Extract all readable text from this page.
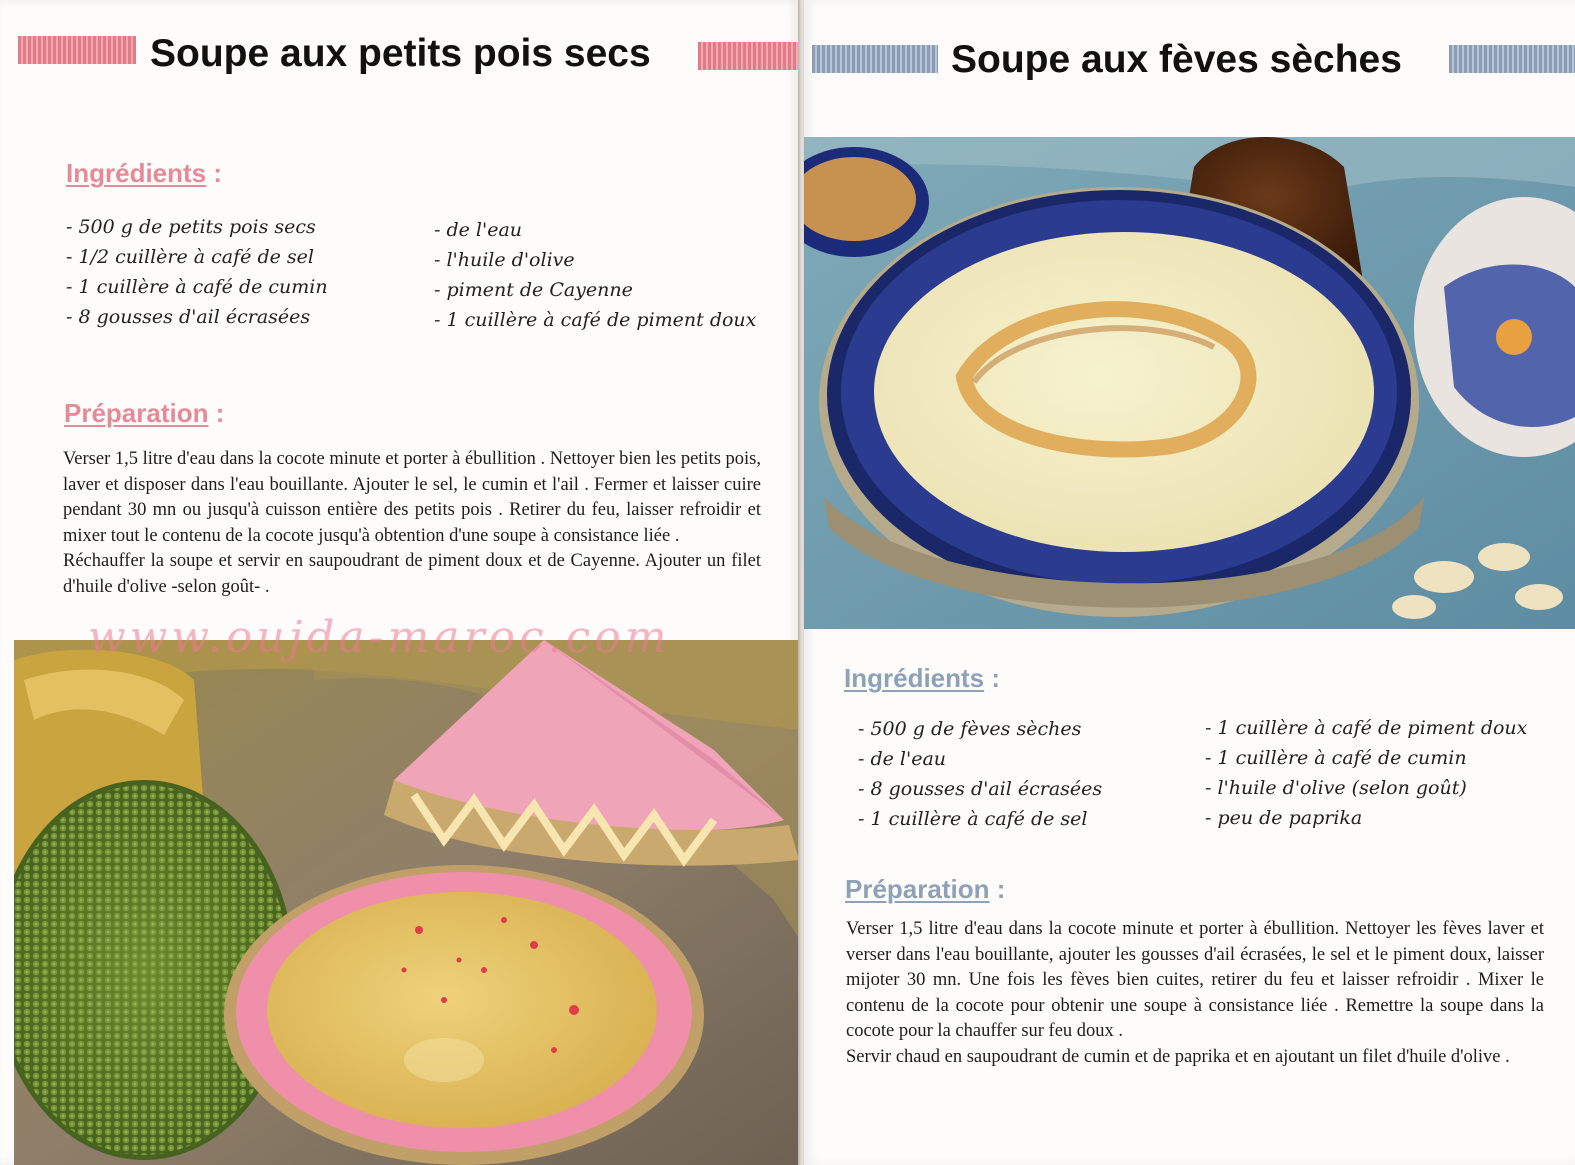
Soupe aux petits pois secs
Ingrédients :
- 500 g de petits pois secs
- 1/2 cuillère à café de sel
- 1 cuillère à café de cumin
- 8 gousses d'ail écrasées
- de l'eau
- l'huile d'olive
- piment de Cayenne
- 1 cuillère à café de piment doux
Préparation :

Verser 1,5 litre d'eau dans la cocote minute et porter à ébullition . Nettoyer bien les petits pois, laver et disposer dans l'eau bouillante. Ajouter le sel, le cumin et l'ail . Fermer et laisser cuire pendant 30 mn ou jusqu'à cuisson entière des petits pois . Retirer du feu, laisser refroidir et mixer tout le contenu de la cocote jusqu'à obtention d'une soupe à consistance liée .

Réchauffer la soupe et servir en saupoudrant de piment doux et de Cayenne. Ajouter un filet d'huile d'olive -selon goût- .

www.oujda-maroc.com

Soupe aux fèves sèches
Ingrédients :
- 500 g de fèves sèches
- de l'eau
- 8 gousses d'ail écrasées
- 1 cuillère à café de sel
- 1 cuillère à café de piment doux
- 1 cuillère à café de cumin
- l'huile d'olive (selon goût)
- peu de paprika
Préparation :

Verser 1,5 litre d'eau dans la cocote minute et porter à ébullition. Nettoyer les fèves laver et verser dans l'eau bouillante, ajouter les gousses d'ail écrasées, le sel et le piment doux, laisser mijoter 30 mn. Une fois les fèves bien cuites, retirer du feu et laisser refroidir . Mixer le contenu de la cocote pour obtenir une soupe à consistance liée . Remettre la soupe dans la cocote pour la chauffer sur feu doux .

Servir chaud en saupoudrant de cumin et de paprika et en ajoutant un filet d'huile d'olive .
